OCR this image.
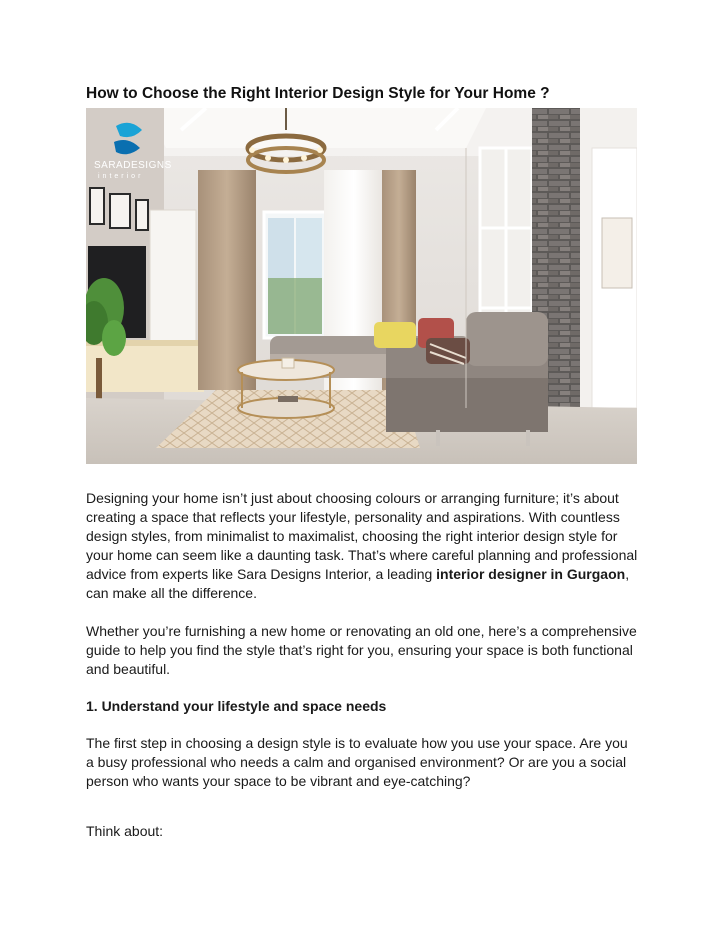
How to Choose the Right Interior Design Style for Your Home ?
SARADESIGNS
interior

Designing your home isn’t just about choosing colours or arranging furniture; it’s about creating a space that reflects your lifestyle, personality and aspirations. With countless design styles, from minimalist to maximalist, choosing the right interior design style for your home can seem like a daunting task. That’s where careful planning and professional advice from experts like Sara Designs Interior, a leading interior designer in Gurgaon, can make all the difference.

Whether you’re furnishing a new home or renovating an old one, here’s a comprehensive guide to help you find the style that’s right for you, ensuring your space is both functional and beautiful.

1. Understand your lifestyle and space needs

The first step in choosing a design style is to evaluate how you use your space. Are you a busy professional who needs a calm and organised environment? Or are you a social person who wants your space to be vibrant and eye-catching?

Think about:
